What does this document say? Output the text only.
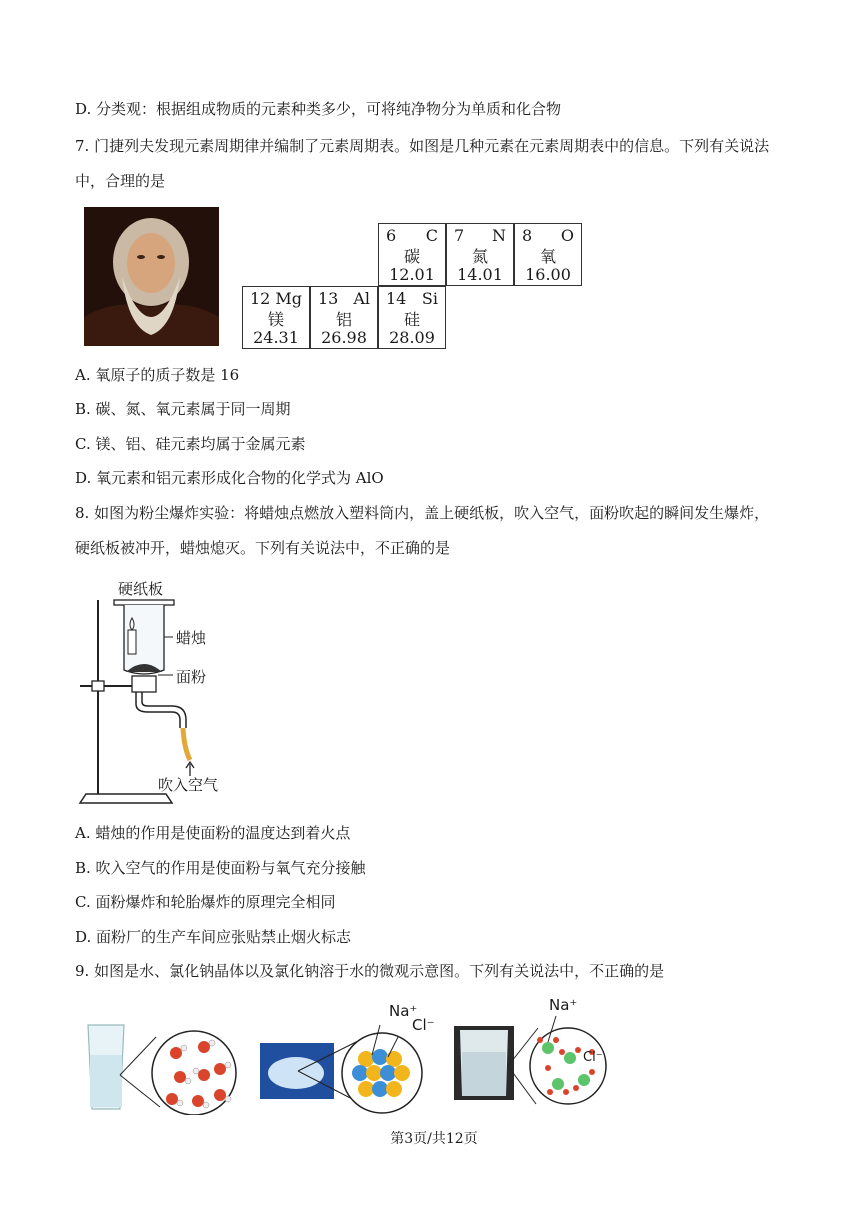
D. 分类观：根据组成物质的元素种类多少，可将纯净物分为单质和化合物
7. 门捷列夫发现元素周期律并编制了元素周期表。如图是几种元素在元素周期表中的信息。下列有关说法
中，合理的是
6 C
碳
12.01
7 N
氮
14.01
8 O
氧
16.00
12 Mg
镁
24.31
13 Al
铝
26.98
14 Si
硅
28.09
A. 氧原子的质子数是 16
B. 碳、氮、氧元素属于同一周期
C. 镁、铝、硅元素均属于金属元素
D. 氧元素和铝元素形成化合物的化学式为 AlO
8. 如图为粉尘爆炸实验：将蜡烛点燃放入塑料筒内，盖上硬纸板，吹入空气，面粉吹起的瞬间发生爆炸，
硬纸板被冲开，蜡烛熄灭。下列有关说法中，不正确的是
硬纸板
蜡烛
面粉
吹入空气
A. 蜡烛的作用是使面粉的温度达到着火点
B. 吹入空气的作用是使面粉与氧气充分接触
C. 面粉爆炸和轮胎爆炸的原理完全相同
D. 面粉厂的生产车间应张贴禁止烟火标志
9. 如图是水、氯化钠晶体以及氯化钠溶于水的微观示意图。下列有关说法中，不正确的是
Na⁺
Cl⁻
Na⁺
Cl⁻
第3页/共12页
